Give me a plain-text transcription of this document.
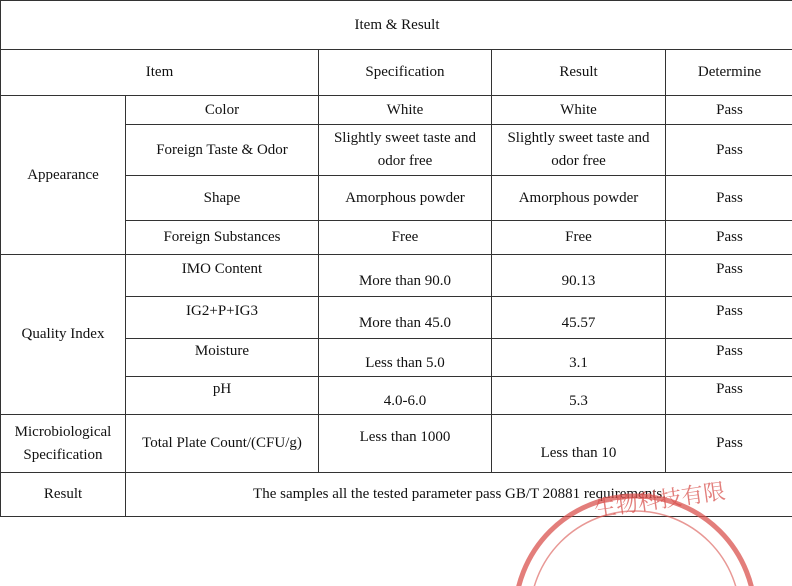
Item & Result				
Item		Specification	Result	Determine
Appearance	Color	White	White	Pass
	Foreign Taste & Odor	Slightly sweet taste and odor free	Slightly sweet taste and odor free	Pass
	Shape	Amorphous powder	Amorphous powder	Pass
	Foreign Substances	Free	Free	Pass
Quality Index	IMO Content	More than 90.0	90.13	Pass
	IG2+P+IG3	More than 45.0	45.57	Pass
	Moisture	Less than 5.0	3.1	Pass
	pH	4.0-6.0	5.3	Pass
Microbiological Specification	Total Plate Count/(CFU/g)	Less than 1000	Less than 10	Pass
Result	The samples all the tested parameter pass GB/T 20881 requirements.			
生物科技有限
